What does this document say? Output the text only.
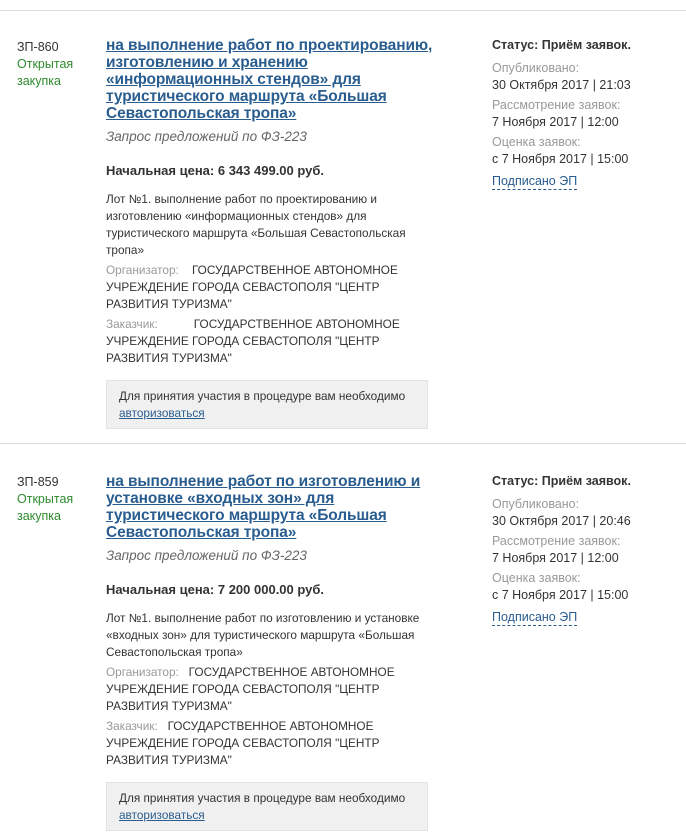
ЗП-860
Открытая закупка
на выполнение работ по проектированию, изготовлению и хранению «информационных стендов» для туристического маршрута «Большая Севастопольская тропа»
Запрос предложений по ФЗ-223
Начальная цена: 6 343 499.00 руб.
Лот №1. выполнение работ по проектированию и изготовлению «информационных стендов» для туристического маршрута «Большая Севастопольская тропа»
Организатор: ГОСУДАРСТВЕННОЕ АВТОНОМНОЕ УЧРЕЖДЕНИЕ ГОРОДА СЕВАСТОПОЛЯ "ЦЕНТР РАЗВИТИЯ ТУРИЗМА"
Заказчик:	ГОСУДАРСТВЕННОЕ АВТОНОМНОЕ УЧРЕЖДЕНИЕ ГОРОДА СЕВАСТОПОЛЯ "ЦЕНТР РАЗВИТИЯ ТУРИЗМА"
Для принятия участия в процедуре вам необходимо авторизоваться
Статус: Приём заявок.
Опубликовано:
30 Октября 2017 | 21:03
Рассмотрение заявок:
7 Ноября 2017 | 12:00
Оценка заявок:
с 7 Ноября 2017 | 15:00
Подписано ЭП
ЗП-859
Открытая закупка
на выполнение работ по изготовлению и установке «входных зон» для туристического маршрута «Большая Севастопольская тропа»
Запрос предложений по ФЗ-223
Начальная цена: 7 200 000.00 руб.
Лот №1. выполнение работ по изготовлению и установке «входных зон» для туристического маршрута «Большая Севастопольская тропа»
Организатор: ГОСУДАРСТВЕННОЕ АВТОНОМНОЕ УЧРЕЖДЕНИЕ ГОРОДА СЕВАСТОПОЛЯ "ЦЕНТР РАЗВИТИЯ ТУРИЗМА"
Заказчик: ГОСУДАРСТВЕННОЕ АВТОНОМНОЕ УЧРЕЖДЕНИЕ ГОРОДА СЕВАСТОПОЛЯ "ЦЕНТР РАЗВИТИЯ ТУРИЗМА"
Для принятия участия в процедуре вам необходимо авторизоваться
Статус: Приём заявок.
Опубликовано:
30 Октября 2017 | 20:46
Рассмотрение заявок:
7 Ноября 2017 | 12:00
Оценка заявок:
с 7 Ноября 2017 | 15:00
Подписано ЭП
